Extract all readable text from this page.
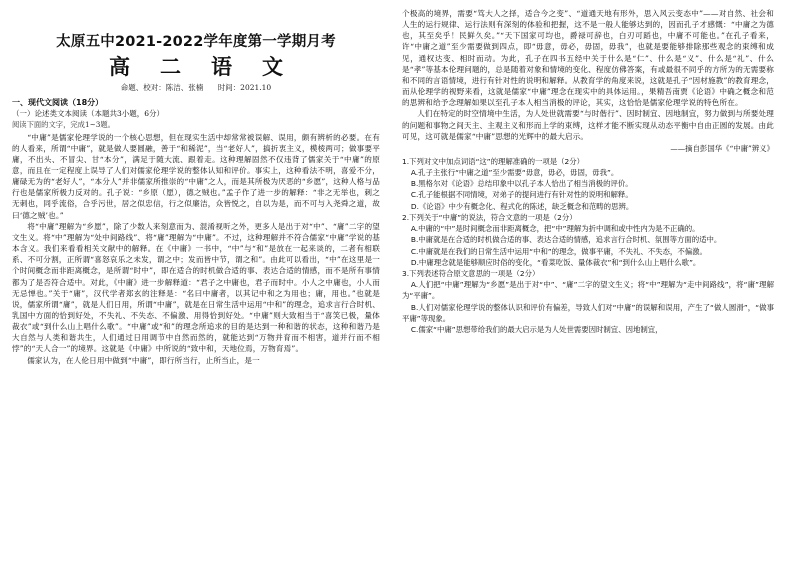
太原五中2021-2022学年度第一学期月考
高二语文
命题、校对：陈洁、张楠 时间：2021.10
一、现代文阅读（18分）
（一）论述类文本阅读（本题共3小题，6分）
阅读下面的文字，完成1~3题。

“中庸”是儒家伦理学说的一个核心思想，但在现实生活中却常常被误解、误用，颇有辨析的必要。在有的人看来，所谓“中庸”，就是做人要圆融，善于“和稀泥”，当“老好人”，搞折衷主义，模棱两可；做事要平庸，不出头、不冒尖、甘“本分”，满足于随大流、跟着走。这种理解固然不仅违背了儒家关于“中庸”的原意，而且在一定程度上误导了人们对儒家伦理学说的整体认知和评价。事实上，这种看法不明，喜爱不分，庸碌无为的“老好人”，“本分人”并非儒家所推崇的“中庸”之人，而是其所极为厌恶的“乡愿”，这种人格与品行也是儒家所极力反对的。孔子说：“乡原（愿），德之贼也。”孟子作了进一步的解释：“非之无举也，刺之无刺也，同乎流俗，合乎污世，居之似忠信，行之似廉洁，众皆悦之，自以为是，而不可与入尧舜之道，故曰‘德之贼’也。”

将“中庸”理解为“乡愿”，除了少数人来刻意而为、混淆视听之外，更多人是出于对“中”、“庸”二字的望文生义。将“中”理解为“处中间路线”、将“庸”理解为“中庸”。不过，这种理解并不符合儒家“中庸”学说的基本含义。我们来看看相关文献中的解释。在《中庸》一书中，“中”与“和”是放在一起来谈的，二者有相联系、不可分割，正所谓“喜怒哀乐之未发，谓之中；发而皆中节，谓之和”。由此可以看出，“中”在这里是一个时间概念而非距离概念，是所谓“时中”，即在适合的时机做合适的事、表达合适的情感，而不是所有事情都为了是否符合适中。对此，《中庸》进一步解释道：“君子之中庸也，君子而时中。小人之中庸也，小人而无忌惮也。”关于“庸”，汉代学者郑玄的注释是：“名曰中庸者，以其记中和之为用也；庸，用也。”也就是说，儒家所谓“庸”，就是人们日用，所谓“中庸”，就是在日常生活中运用“中和”的理念，追求言行合时机、乳国中方面的恰到好处，不失礼、不失态、不偏激、用得恰到好处。“中庸”则大致相当于“喜笑已极，量体裁衣”或“到什么山上唱什么歌”。“中庸”或“和”的理念所追求的目的是达到一种和谐的状态，这种和谐乃是大自然与人类和谐共生，人们通过日用调节中自然而然的，就能达到“万物并育而不相害，道并行而不相悖”的“天人合一”的境界。这就是《中庸》中所说的“致中和，天地位焉，万物育焉”。

儒家认为，在人伦日用中做到“中庸”，即行所当行，止所当止，是一

个极高的境界，需要“笃大人之择，适合今之变”、“道通天地有形外，思入风云变态中”——对自然、社会和人生的运行规律、运行法则有深刻的体验和把握，这不是一般人能够达到的，因而孔子才感慨：“中庸之为德也，其至矣乎！民鲜久矣。”“天下国家可均也，爵禄可辞也，白刃可蹈也，中庸不可能也。”在孔子看来，许“中庸之道”至少需要做到四点，即“毋意，毋必，毋固，毋我”，也就是要能够排除那些观念的束缚和成见，通权达变、相时而动。为此，孔子在四书五经中关于什么是“仁”、什么是“义”、什么是“礼”、什么是“孝”等基本伦理问题的，总是随着对象和情境的变化、程度仿佛答案，有或最很不同乎的方所为的无需要称和不同的言语情境，进行有针对性的说明和解释。从教育学的角度来说，这就是孔子“因材施教”的教育理念，而从伦理学的视野来看，这就是儒家“中庸”理念在现实中的具体运用。，果精吾南贾《论语》中确之概念和范的思辨和给予念理解如果以至孔子本人相当消极的评论，其实，这恰恰是儒家伦理学说的特色所在。

人们在特定的时空情境中生活，为人处世就需要“与时偕行”、因时制宜、因地制宜，努力做到与所要处理的问题和事物之间天主、主观主义和形而上学的束缚，这样才能不断实现从动态平衡中自由正圆的发展。由此可见，这可就是儒家“中庸”思想的光辉中的最大启示。

——摘自彭国华《“中庸”辨义》

1.下列对文中加点词语“这”的理解准确的一项是（2分）

A.孔子主张行“中庸之道”至少需要“毋意，毋必，毋固，毋我”。

B.黑格尔对《论语》总结印象中以孔子本人恰出了相当消极的评价。

C.孔子能根据不同情境，对弟子的提问进行有针对性的说明和解释。

D.《论语》中少有概念化、程式化的陈述，缺乏概念和范畴的思辨。

2.下列关于“中庸”的说法，符合文意的一项是（2分）

A.中庸的“中”是时间概念而非距离概念，把“中”理解为折中调和或中性内为是不正确的。

B.中庸就是在合适的时机做合适的事、表达合适的情感，追求言行合时机、氛围等方面的适中。

C.中庸就是在我们的日常生活中运用“中和”的理念，做事平庸，不失礼、不失态，不偏激。

D.中庸理念就是能够顺应时俗的变化，“看菜吃饭、量体裁衣”和“到什么山上唱什么歌”。

3.下列表述符合原文意思的一项是（2分）

A.人们把“中庸”理解为“乡愿”是出于对“中”、“庸”二字的望文生义；将“中”理解为“走中间路线”，将“庸”理解为“平庸”。

B.人们对儒家伦理学说的整体认识和评价有偏差，导致人们对“中庸”的误解和误用，产生了“做人圆滑”，“做事平庸”等现象。

C.儒家“中庸”思想带给我们的最大启示是为人处世需要因时制宜、因地制宜，
